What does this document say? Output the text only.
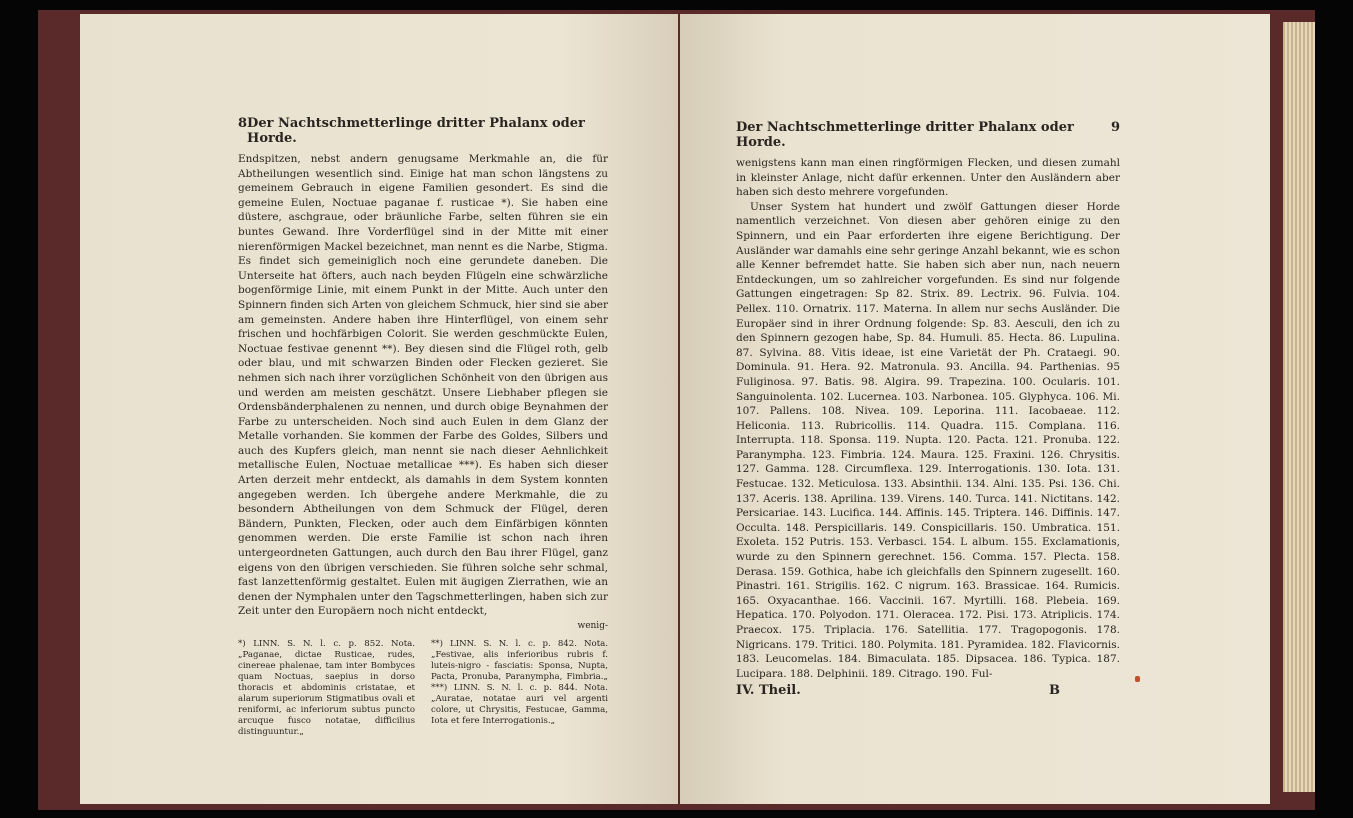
8 Der Nachtschmetterlinge dritter Phalanx oder Horde.

Endspitzen, nebst andern genugsame Merkmahle an, die für Abtheilungen wesentlich sind. Einige hat man schon längstens zu gemeinem Gebrauch in eigene Familien gesondert. Es sind die gemeine Eulen, Noctuae paganae f. rusticae *). Sie haben eine düstere, aschgraue, oder bräunliche Farbe, selten führen sie ein buntes Gewand. Ihre Vorderflügel sind in der Mitte mit einer nierenförmigen Mackel bezeichnet, man nennt es die Narbe, Stigma. Es findet sich gemeiniglich noch eine gerundete daneben. Die Unterseite hat öfters, auch nach beyden Flügeln eine schwärzliche bogenförmige Linie, mit einem Punkt in der Mitte. Auch unter den Spinnern finden sich Arten von gleichem Schmuck, hier sind sie aber am gemeinsten. Andere haben ihre Hinterflügel, von einem sehr frischen und hochfärbigen Colorit. Sie werden geschmückte Eulen, Noctuae festivae genennt **). Bey diesen sind die Flügel roth, gelb oder blau, und mit schwarzen Binden oder Flecken gezieret. Sie nehmen sich nach ihrer vorzüglichen Schönheit von den übrigen aus und werden am meisten geschätzt. Unsere Liebhaber pflegen sie Ordensbänderphalenen zu nennen, und durch obige Beynahmen der Farbe zu unterscheiden. Noch sind auch Eulen in dem Glanz der Metalle vorhanden. Sie kommen der Farbe des Goldes, Silbers und auch des Kupfers gleich, man nennt sie nach dieser Aehnlichkeit metallische Eulen, Noctuae metallicae ***). Es haben sich dieser Arten derzeit mehr entdeckt, als damahls in dem System konnten angegeben werden. Ich übergehe andere Merkmahle, die zu besondern Abtheilungen von dem Schmuck der Flügel, deren Bändern, Punkten, Flecken, oder auch dem Einfärbigen könnten genommen werden. Die erste Familie ist schon nach ihren untergeordneten Gattungen, auch durch den Bau ihrer Flügel, ganz eigens von den übrigen verschieden. Sie führen solche sehr schmal, fast lanzettenförmig gestaltet. Eulen mit äugigen Zierrathen, wie an denen der Nymphalen unter den Tagschmetterlingen, haben sich zur Zeit unter den Europäern noch nicht entdeckt,

wenig-
*) LINN. S. N. l. c. p. 852. Nota. „Paganae, dictae Rusticae, rudes, cinereae phalenae, tam inter Bombyces quam Noctuas, saepius in dorso thoracis et abdominis cristatae, et alarum superiorum Stigmatibus ovali et reniformi, ac inferiorum subtus puncto arcuque fusco notatae, difficilius distinguuntur.„
**) LINN. S. N. l. c. p. 842. Nota. „Festivae, alis inferioribus rubris f. luteis-nigro - fasciatis: Sponsa, Nupta, Pacta, Pronuba, Paranympha, Fimbria.„ ***) LINN. S. N. l. c. p. 844. Nota. „Auratae, notatae auri vel argenti colore, ut Chrysitis, Festucae, Gamma, Iota et fere Interrogationis.„
Der Nachtschmetterlinge dritter Phalanx oder Horde.
9

wenigstens kann man einen ringförmigen Flecken, und diesen zumahl in kleinster Anlage, nicht dafür erkennen. Unter den Ausländern aber haben sich desto mehrere vorgefunden.

Unser System hat hundert und zwölf Gattungen dieser Horde namentlich verzeichnet. Von diesen aber gehören einige zu den Spinnern, und ein Paar erforderten ihre eigene Berichtigung. Der Ausländer war damahls eine sehr geringe Anzahl bekannt, wie es schon alle Kenner befremdet hatte. Sie haben sich aber nun, nach neuern Entdeckungen, um so zahlreicher vorgefunden. Es sind nur folgende Gattungen eingetragen: Sp 82. Strix. 89. Lectrix. 96. Fulvia. 104. Pellex. 110. Ornatrix. 117. Materna. In allem nur sechs Ausländer. Die Europäer sind in ihrer Ordnung folgende: Sp. 83. Aesculi, den ich zu den Spinnern gezogen habe, Sp. 84. Humuli. 85. Hecta. 86. Lupulina. 87. Sylvina. 88. Vitis ideae, ist eine Varietät der Ph. Crataegi. 90. Dominula. 91. Hera. 92. Matronula. 93. Ancilla. 94. Parthenias. 95 Fuliginosa. 97. Batis. 98. Algira. 99. Trapezina. 100. Ocularis. 101. Sanguinolenta. 102. Lucernea. 103. Narbonea. 105. Glyphyca. 106. Mi. 107. Pallens. 108. Nivea. 109. Leporina. 111. Iacobaeae. 112. Heliconia. 113. Rubricollis. 114. Quadra. 115. Complana. 116. Interrupta. 118. Sponsa. 119. Nupta. 120. Pacta. 121. Pronuba. 122. Paranympha. 123. Fimbria. 124. Maura. 125. Fraxini. 126. Chrysitis. 127. Gamma. 128. Circumflexa. 129. Interrogationis. 130. Iota. 131. Festucae. 132. Meticulosa. 133. Absinthii. 134. Alni. 135. Psi. 136. Chi. 137. Aceris. 138. Aprilina. 139. Virens. 140. Turca. 141. Nictitans. 142. Persicariae. 143. Lucifica. 144. Affinis. 145. Triptera. 146. Diffinis. 147. Occulta. 148. Perspicillaris. 149. Conspicillaris. 150. Umbratica. 151. Exoleta. 152 Putris. 153. Verbasci. 154. L album. 155. Exclamationis, wurde zu den Spinnern gerechnet. 156. Comma. 157. Plecta. 158. Derasa. 159. Gothica, habe ich gleichfalls den Spinnern zugesellt. 160. Pinastri. 161. Strigilis. 162. C nigrum. 163. Brassicae. 164. Rumicis. 165. Oxyacanthae. 166. Vaccinii. 167. Myrtilli. 168. Plebeia. 169. Hepatica. 170. Polyodon. 171. Oleracea. 172. Pisi. 173. Atriplicis. 174. Praecox. 175. Triplacia. 176. Satellitia. 177. Tragopogonis. 178. Nigricans. 179. Tritici. 180. Polymita. 181. Pyramidea. 182. Flavicornis. 183. Leucomelas. 184. Bimaculata. 185. Dipsacea. 186. Typica. 187. Lucipara. 188. Delphinii. 189. Citrago. 190. Ful-

IV. Theil.	B
